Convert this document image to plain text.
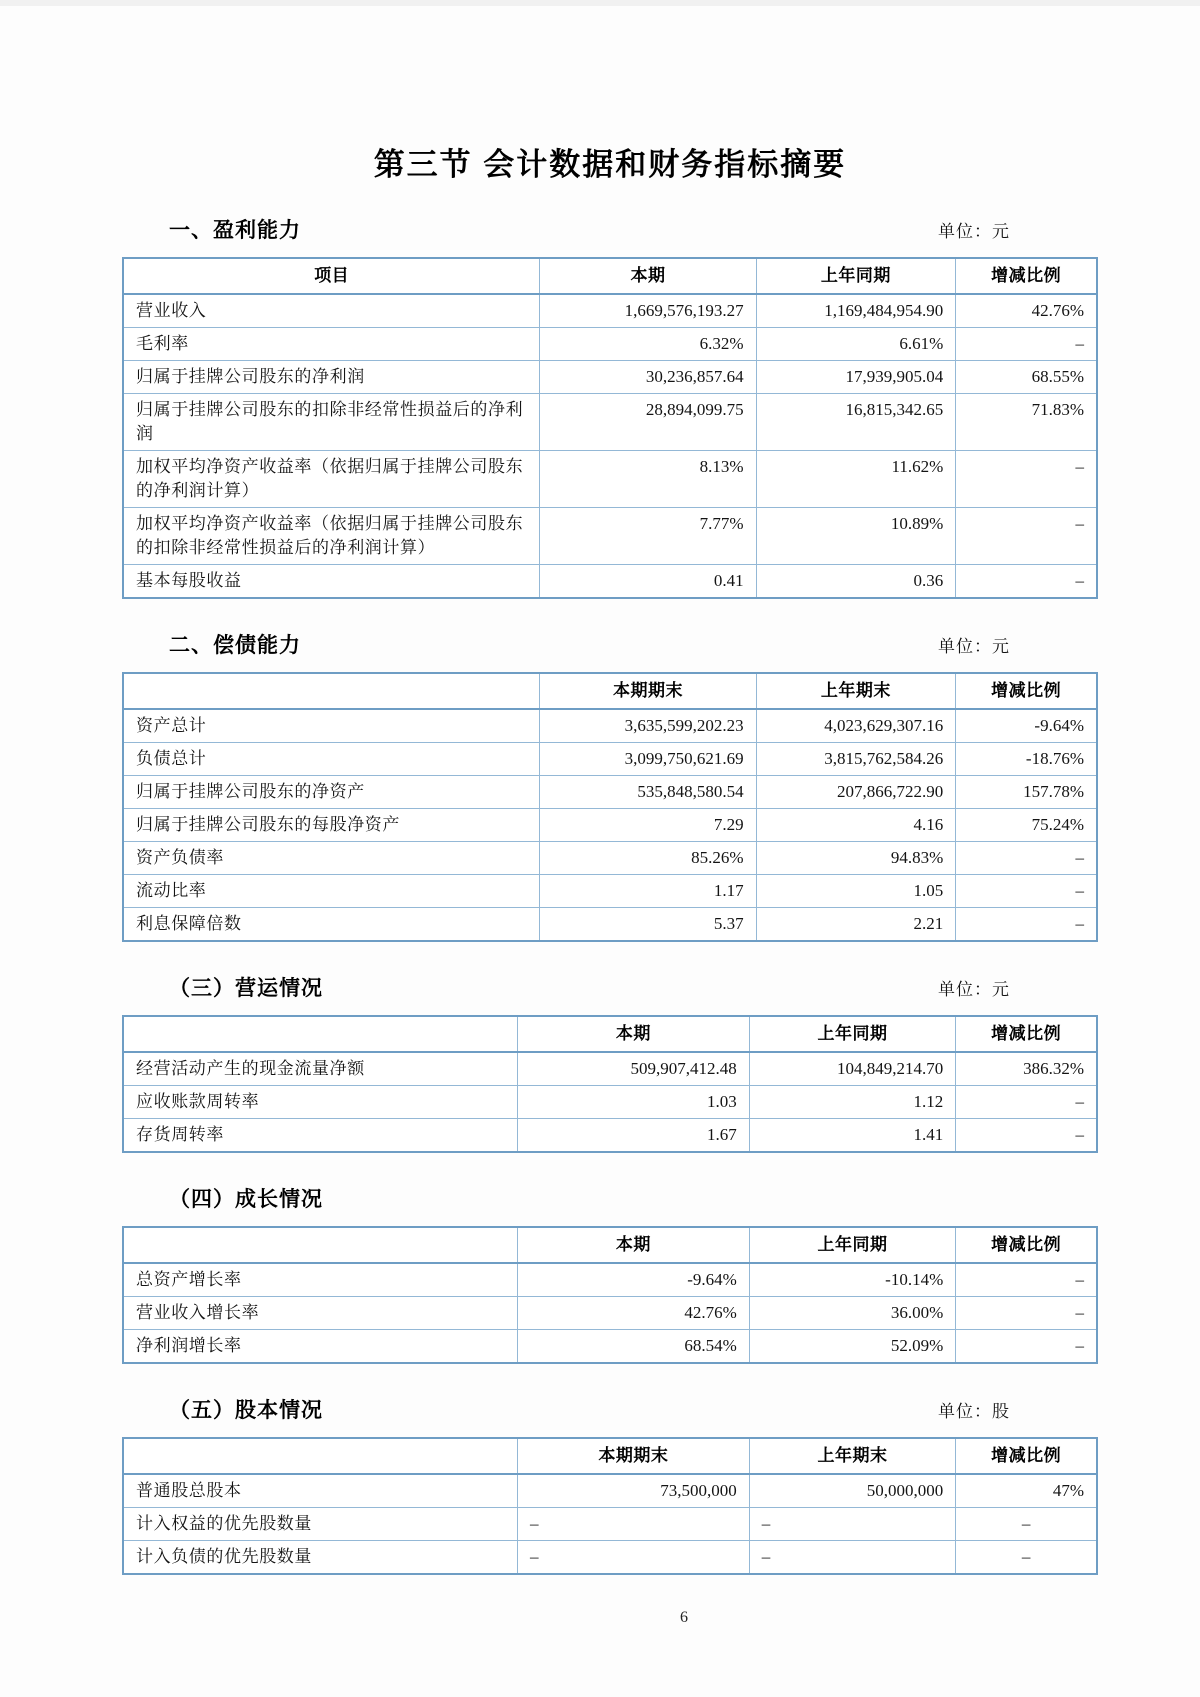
第三节 会计数据和财务指标摘要
一、盈利能力	单位：元
项目	本期	上年同期	增减比例
营业收入	1,669,576,193.27	1,169,484,954.90	42.76%
毛利率	6.32%	6.61%	–
归属于挂牌公司股东的净利润	30,236,857.64	17,939,905.04	68.55%
归属于挂牌公司股东的扣除非经常性损益后的净利润	28,894,099.75	16,815,342.65	71.83%
加权平均净资产收益率（依据归属于挂牌公司股东的净利润计算）	8.13%	11.62%	–
加权平均净资产收益率（依据归属于挂牌公司股东的扣除非经常性损益后的净利润计算）	7.77%	10.89%	–
基本每股收益	0.41	0.36	–
二、偿债能力	单位：元
	本期期末	上年期末	增减比例
资产总计	3,635,599,202.23	4,023,629,307.16	-9.64%
负债总计	3,099,750,621.69	3,815,762,584.26	-18.76%
归属于挂牌公司股东的净资产	535,848,580.54	207,866,722.90	157.78%
归属于挂牌公司股东的每股净资产	7.29	4.16	75.24%
资产负债率	85.26%	94.83%	–
流动比率	1.17	1.05	–
利息保障倍数	5.37	2.21	–
（三）营运情况	单位：元
	本期	上年同期	增减比例
经营活动产生的现金流量净额	509,907,412.48	104,849,214.70	386.32%
应收账款周转率	1.03	1.12	–
存货周转率	1.67	1.41	–
（四）成长情况
	本期	上年同期	增减比例
总资产增长率	-9.64%	-10.14%	–
营业收入增长率	42.76%	36.00%	–
净利润增长率	68.54%	52.09%	–
（五）股本情况	单位：股
	本期期末	上年期末	增减比例
普通股总股本	73,500,000	50,000,000	47%
计入权益的优先股数量	–	–	–
计入负债的优先股数量	–	–	–
6
